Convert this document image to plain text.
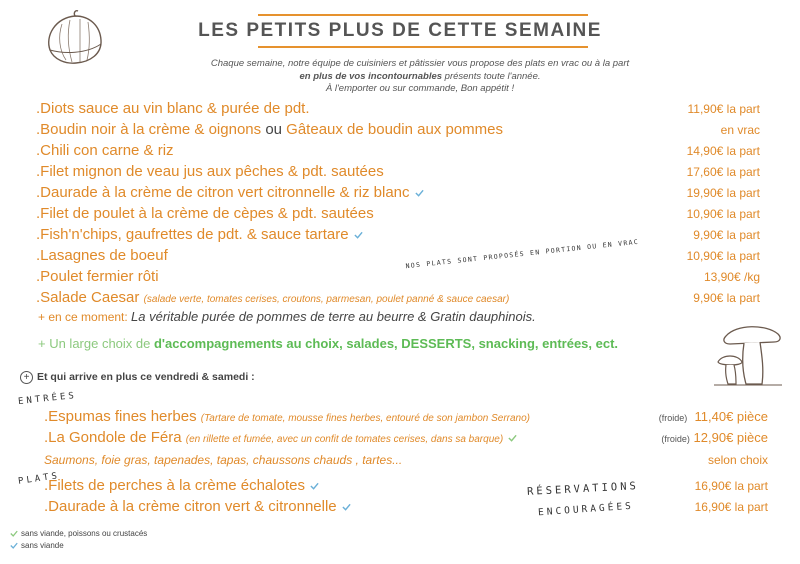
LES PETITS PLUS DE CETTE SEMAINE
Chaque semaine, notre équipe de cuisiniers et pâtissier vous propose des plats en vrac ou à la part
en plus de vos incontournables présents toute l'année.
À l'emporter ou sur commande, Bon appétit !
.Diots sauce au vin blanc & purée de pdt.	11,90€ la part
.Boudin noir à la crème & oignons ou Gâteaux de boudin aux pommes	en vrac
.Chili con carne & riz	14,90€ la part
.Filet mignon de veau jus aux pêches & pdt. sautées	17,60€ la part
.Daurade à la crème de citron vert citronnelle & riz blanc	19,90€ la part
.Filet de poulet à la crème de cèpes & pdt. sautées	10,90€ la part
.Fish'n'chips, gaufrettes de pdt. & sauce tartare	9,90€ la part
.Lasagnes de boeuf	10,90€ la part
.Poulet fermier rôti	13,90€ /kg
.Salade Caesar (salade verte, tomates cerises, croutons, parmesan, poulet panné & sauce caesar)	9,90€ la part
NOS PLATS SONT PROPOSÉS EN PORTION OU EN VRAC
+ en ce moment: La véritable purée de pommes de terre au beurre & Gratin dauphinois.
+ Un large choix de d'accompagnements au choix, salades, DESSERTS, snacking, entrées, ect.
+ Et qui arrive en plus ce vendredi & samedi :
ENTRÉES
.Espumas fines herbes (Tartare de tomate, mousse fines herbes, entouré de son jambon Serrano)	(froide) 11,40€ pièce
.La Gondole de Féra (en rillette et fumée, avec un confit de tomates cerises, dans sa barque)	(froide) 12,90€ pièce
Saumons, foie gras, tapenades, tapas, chaussons chauds , tartes...	selon choix
PLATS
.Filets de perches à la crème échalotes	16,90€ la part
.Daurade à la crème citron vert & citronnelle	16,90€ la part
RÉSERVATIONS
ENCOURAGÉES
sans viande, poissons ou crustacés
sans viande
